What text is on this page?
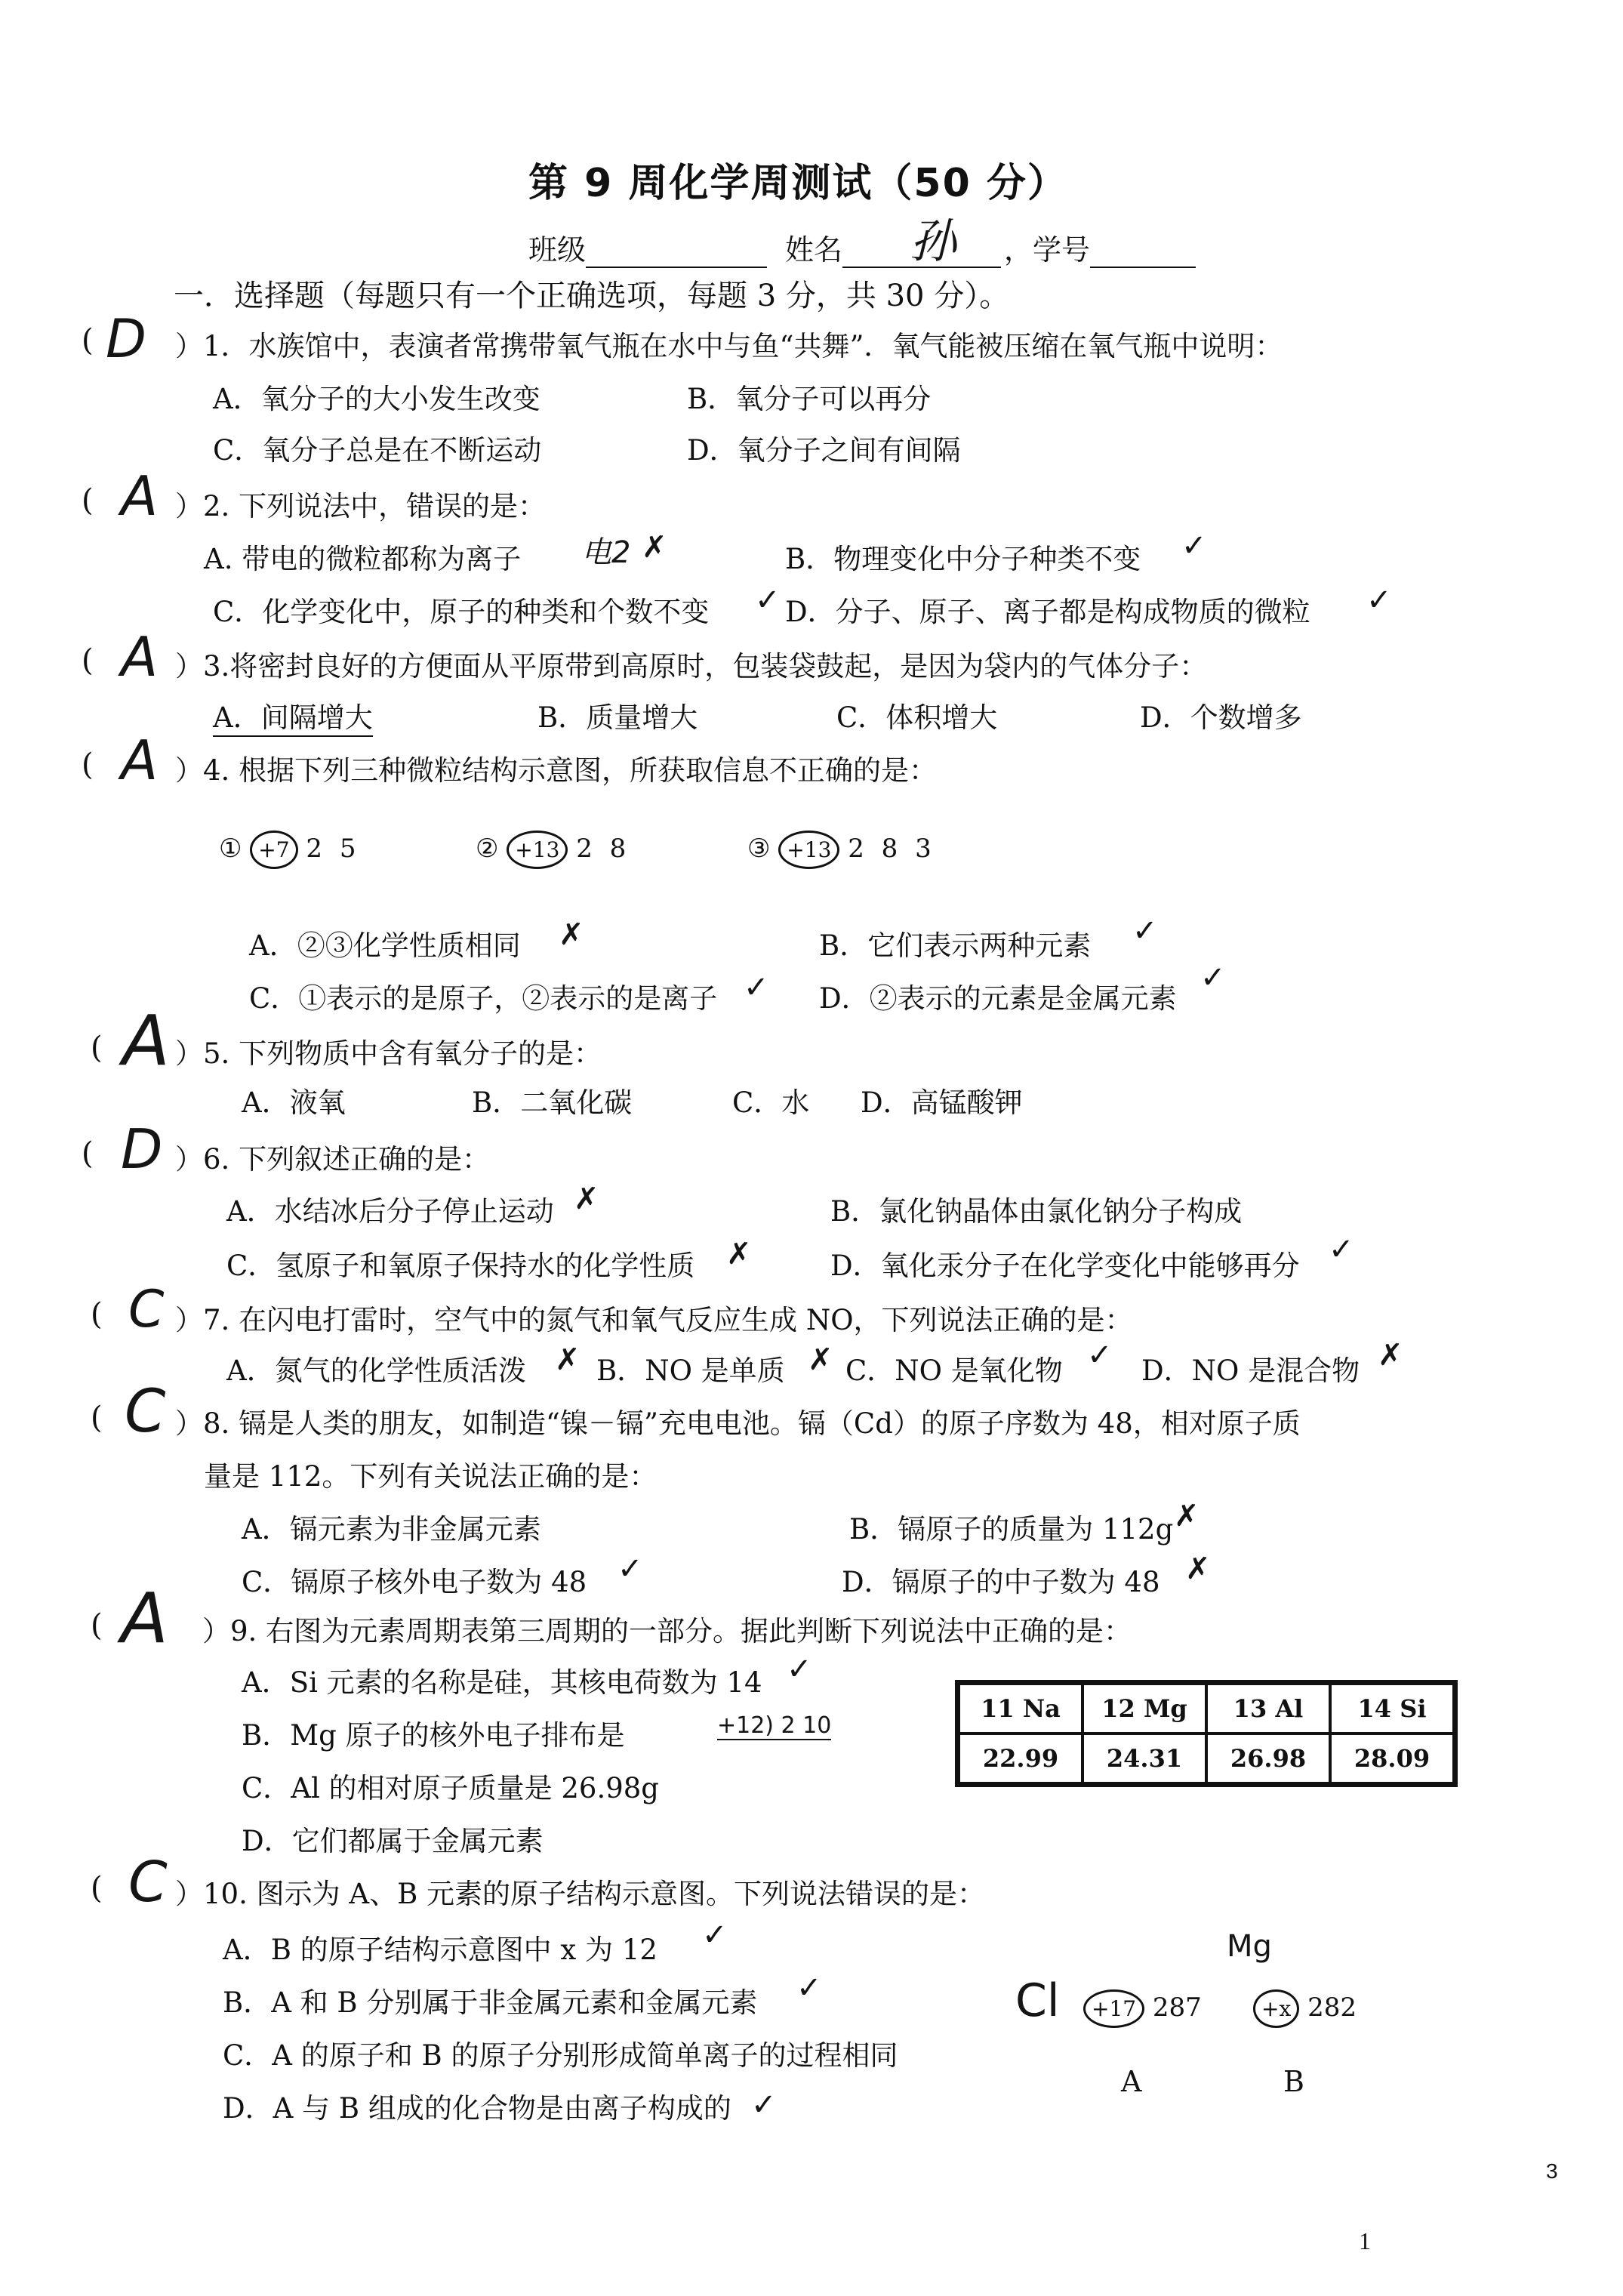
第 9 周化学周测试（50 分）
班级	姓名	孙 ，学号
一．选择题（每题只有一个正确选项，每题 3 分，共 30 分）。
( D ）1．水族馆中，表演者常携带氧气瓶在水中与鱼“共舞”．氧气能被压缩在氧气瓶中说明：
A．氧分子的大小发生改变	B．氧分子可以再分
C．氧分子总是在不断运动	D．氧分子之间有间隔
( A ）2. 下列说法中，错误的是：
A. 带电的微粒都称为离子 电2 ✗	B．物理变化中分子种类不变 ✓
C．化学变化中，原子的种类和个数不变 ✓ D．分子、原子、离子都是构成物质的微粒 ✓
( A ）3.将密封良好的方便面从平原带到高原时，包装袋鼓起，是因为袋内的气体分子：
A．间隔增大	B．质量增大	C．体积增大	D．个数增多
( A ）4. 根据下列三种微粒结构示意图，所获取信息不正确的是：
① +7 2 5	② +13 2 8	③ +13 2 8 3
A．②③化学性质相同 ✗	B．它们表示两种元素 ✓
C．①表示的是原子，②表示的是离子 ✓ D．②表示的元素是金属元素
✓
( A ）5. 下列物质中含有氧分子的是：
A．液氧	B．二氧化碳	C．水 D．高锰酸钾
( D ）6. 下列叙述正确的是：
A．水结冰后分子停止运动 ✗	B．氯化钠晶体由氯化钠分子构成
C．氢原子和氧原子保持水的化学性质 ✗	D．氧化汞分子在化学变化中能够再分 ✓
( C ）7. 在闪电打雷时，空气中的氮气和氧气反应生成 NO，下列说法正确的是：
A．氮气的化学性质活泼 ✗ B．NO 是单质 ✗ C．NO 是氧化物 ✓ D．NO 是混合物 ✗
( C ）8. 镉是人类的朋友，如制造“镍－镉”充电电池。镉（Cd）的原子序数为 48，相对原子质
量是 112。下列有关说法正确的是：
A．镉元素为非金属元素	B．镉原子的质量为 112g ✗
C．镉原子核外电子数为 48 ✓	D．镉原子的中子数为 48 ✗
( A ）9. 右图为元素周期表第三周期的一部分。据此判断下列说法中正确的是：
A．Si 元素的名称是硅，其核电荷数为 14 ✓
B．Mg 原子的核外电子排布是	+12) 2 10
C．Al 的相对原子质量是 26.98g
D．它们都属于金属元素
11 Na	12 Mg	13 Al	14 Si
22.99	24.31	26.98	28.09
( C ）10. 图示为 A、B 元素的原子结构示意图。下列说法错误的是：
A．B 的原子结构示意图中 x 为 12 ✓
B．A 和 B 分别属于非金属元素和金属元素 ✓
C．A 的原子和 B 的原子分别形成简单离子的过程相同
D．A 与 B 组成的化合物是由离子构成的 ✓
Cl	+17 287
A
Mg
+x 282
B
3
1
